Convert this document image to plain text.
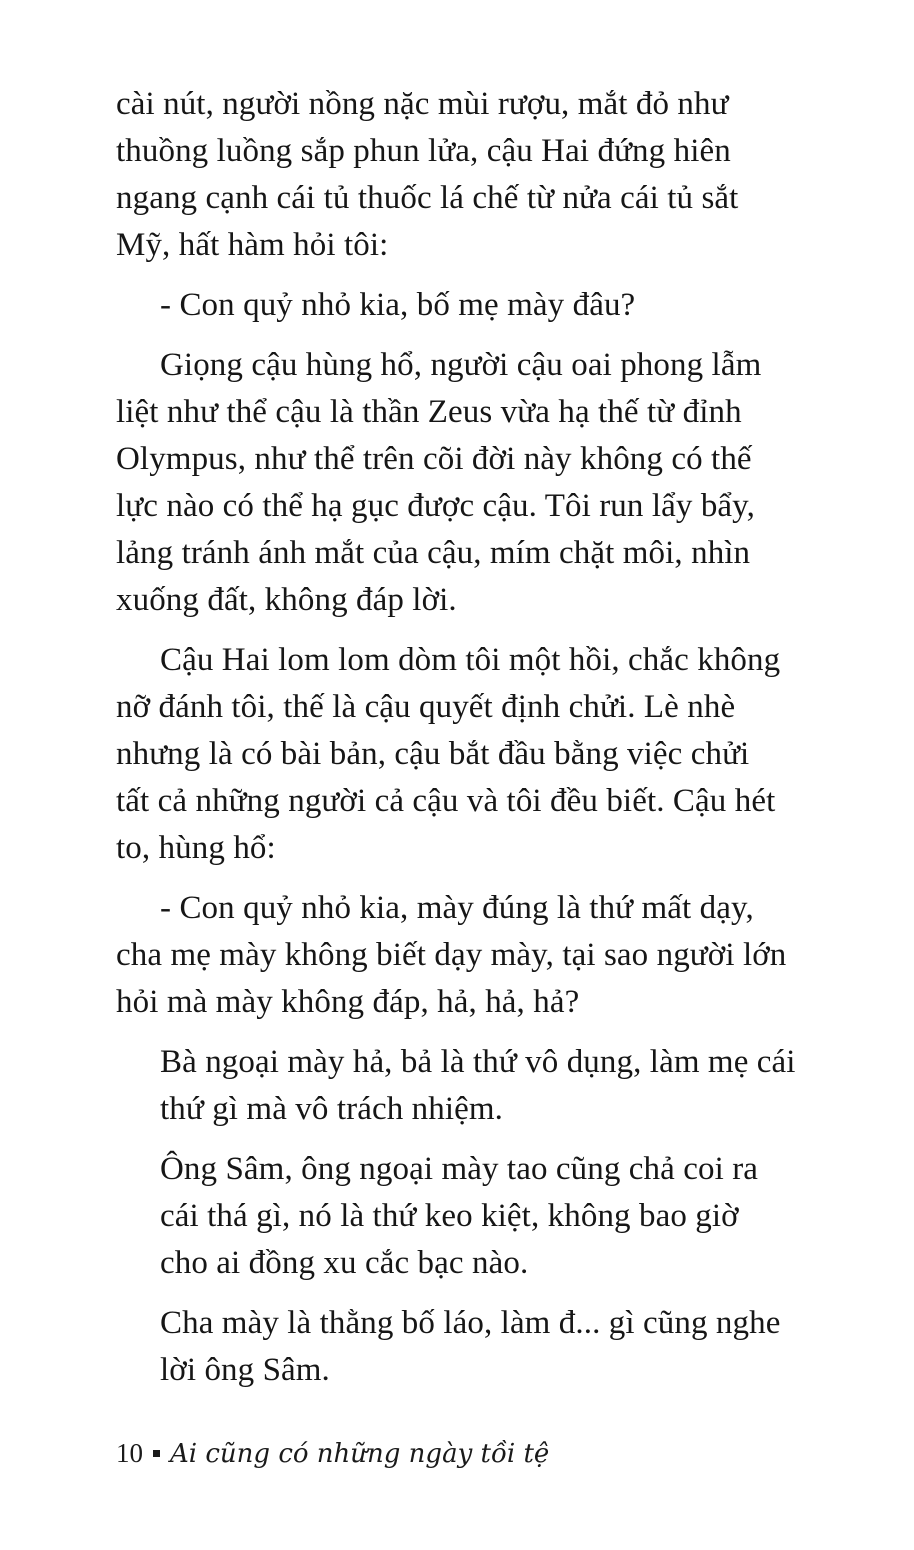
cài nút, người nồng nặc mùi rượu, mắt đỏ như
thuồng luồng sắp phun lửa, cậu Hai đứng hiên
ngang cạnh cái tủ thuốc lá chế từ nửa cái tủ sắt
Mỹ, hất hàm hỏi tôi:
- Con quỷ nhỏ kia, bố mẹ mày đâu?
Giọng cậu hùng hổ, người cậu oai phong lẫm
liệt như thể cậu là thần Zeus vừa hạ thế từ đỉnh
Olympus, như thể trên cõi đời này không có thế
lực nào có thể hạ gục được cậu. Tôi run lẩy bẩy,
lảng tránh ánh mắt của cậu, mím chặt môi, nhìn
xuống đất, không đáp lời.
Cậu Hai lom lom dòm tôi một hồi, chắc không
nỡ đánh tôi, thế là cậu quyết định chửi. Lè nhè
nhưng là có bài bản, cậu bắt đầu bằng việc chửi
tất cả những người cả cậu và tôi đều biết. Cậu hét
to, hùng hổ:
- Con quỷ nhỏ kia, mày đúng là thứ mất dạy,
cha mẹ mày không biết dạy mày, tại sao người lớn
hỏi mà mày không đáp, hả, hả, hả?
Bà ngoại mày hả, bả là thứ vô dụng, làm mẹ cái
thứ gì mà vô trách nhiệm.
Ông Sâm, ông ngoại mày tao cũng chả coi ra
cái thá gì, nó là thứ keo kiệt, không bao giờ
cho ai đồng xu cắc bạc nào.
Cha mày là thằng bố láo, làm đ... gì cũng nghe
lời ông Sâm.
10 Ai cũng có những ngày tồi tệ
